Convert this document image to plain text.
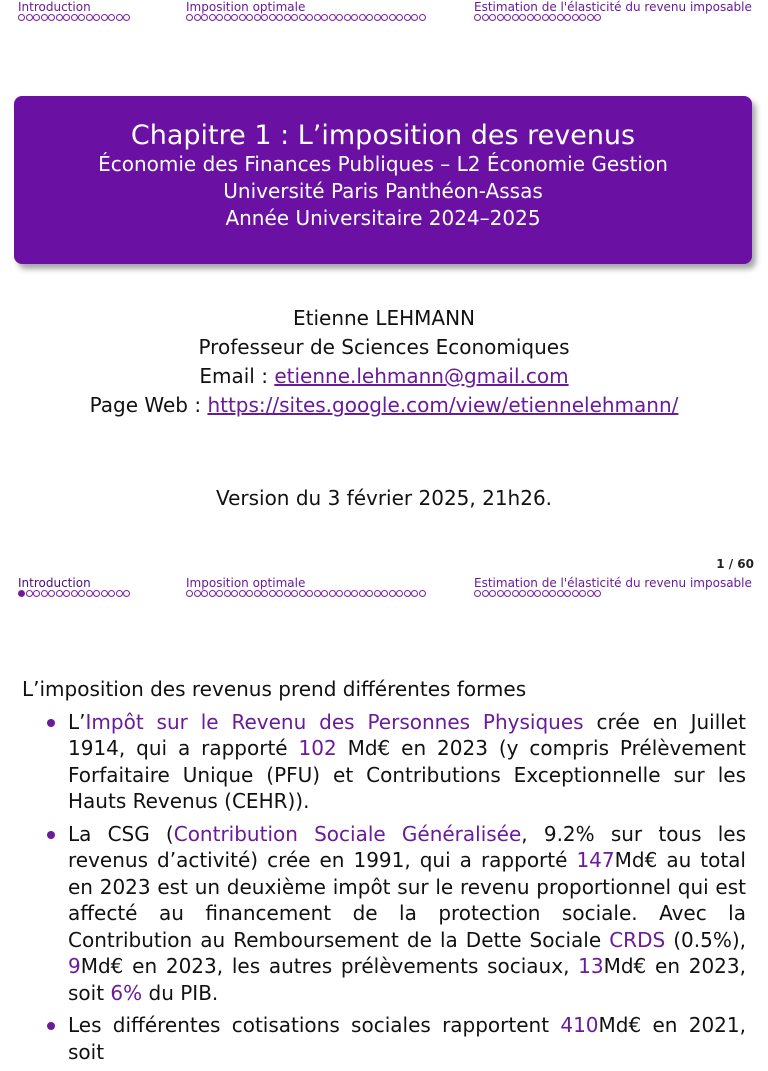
Introduction	Imposition optimale	Estimation de l'élasticité du revenu imposable
Chapitre 1 : L’imposition des revenus
Économie des Finances Publiques – L2 Économie Gestion
Université Paris Panthéon-Assas
Année Universitaire 2024–2025
Etienne LEHMANN
Professeur de Sciences Economiques
Email : etienne.lehmann@gmail.com
Page Web : https://sites.google.com/view/etiennelehmann/
Version du 3 février 2025, 21h26.
1 / 60
Introduction	Imposition optimale	Estimation de l'élasticité du revenu imposable

L’imposition des revenus prend différentes formes

L’Impôt sur le Revenu des Personnes Physiques crée en Juillet 1914, qui a rapporté 102 Md€ en 2023 (y compris Prélèvement Forfaitaire Unique (PFU) et Contributions Exceptionnelle sur les Hauts Revenus (CEHR)).
La CSG (Contribution Sociale Généralisée, 9.2% sur tous les revenus d’activité) crée en 1991, qui a rapporté 147Md€ au total en 2023 est un deuxième impôt sur le revenu proportionnel qui est affecté au financement de la protection sociale. Avec la Contribution au Remboursement de la Dette Sociale CRDS (0.5%), 9Md€ en 2023, les autres prélèvements sociaux, 13Md€ en 2023, soit 6% du PIB.
Les différentes cotisations sociales rapportent 410Md€ en 2021, soit
